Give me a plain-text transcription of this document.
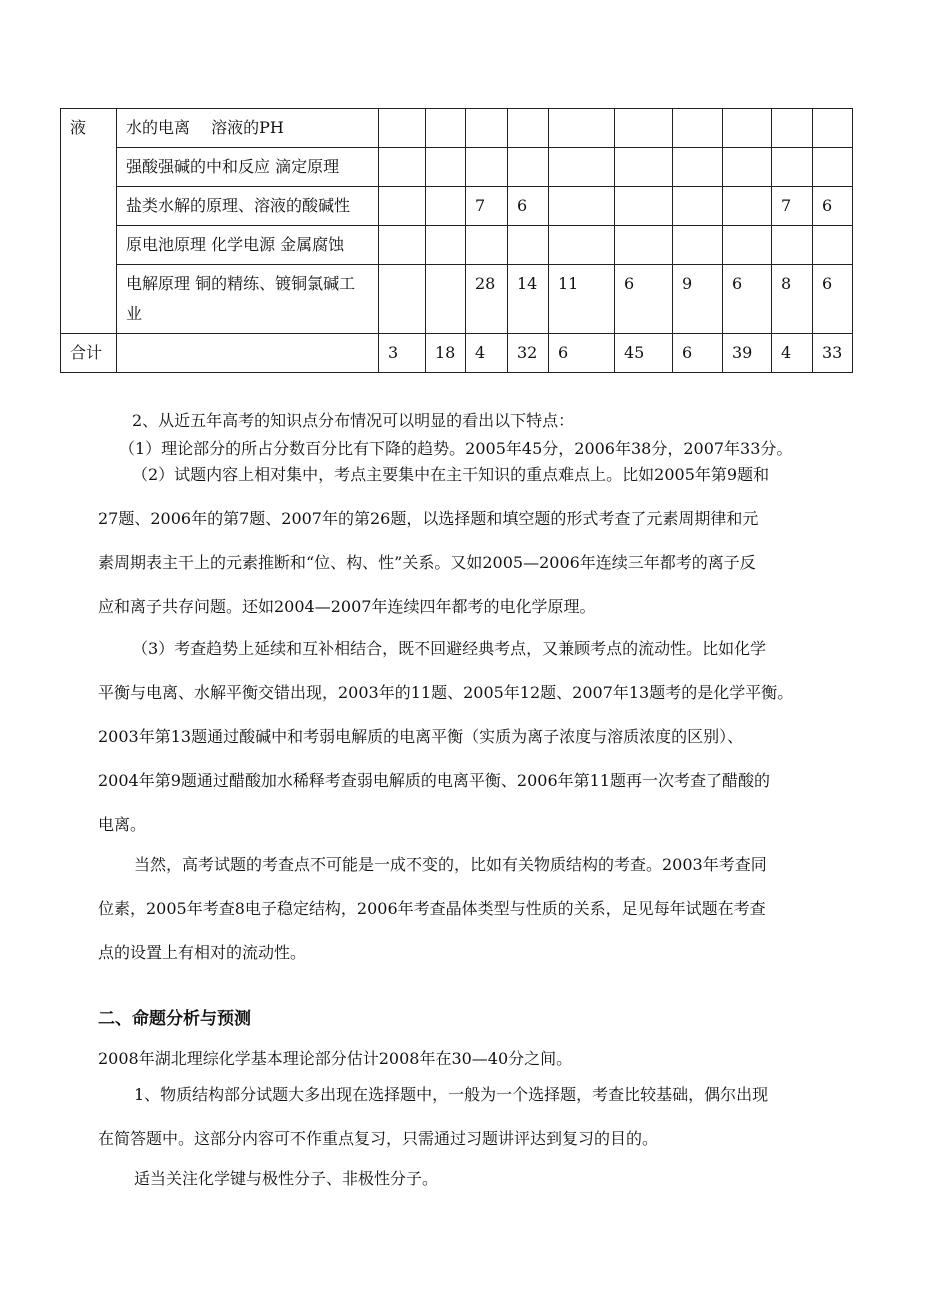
液	水的电离　 溶液的PH										
	强酸强碱的中和反应 滴定原理										
	盐类水解的原理、溶液的酸碱性			7	6					7	6
	原电池原理 化学电源 金属腐蚀										
	电解原理 铜的精练、镀铜氯碱工业			28	14	11	6	9	6	8	6
合计		3	18	4	32	6	45	6	39	4	33

2、从近五年高考的知识点分布情况可以明显的看出以下特点：

（1）理论部分的所占分数百分比有下降的趋势。2005年45分，2006年38分，2007年33分。

（2）试题内容上相对集中，考点主要集中在主干知识的重点难点上。比如2005年第9题和

27题、2006年的第7题、2007年的第26题，以选择题和填空题的形式考查了元素周期律和元

素周期表主干上的元素推断和“位、构、性”关系。又如2005—2006年连续三年都考的离子反

应和离子共存问题。还如2004—2007年连续四年都考的电化学原理。

（3）考查趋势上延续和互补相结合，既不回避经典考点，又兼顾考点的流动性。比如化学

平衡与电离、水解平衡交错出现，2003年的11题、2005年12题、2007年13题考的是化学平衡。

2003年第13题通过酸碱中和考弱电解质的电离平衡（实质为离子浓度与溶质浓度的区别）、

2004年第9题通过醋酸加水稀释考查弱电解质的电离平衡、2006年第11题再一次考查了醋酸的

电离。

当然，高考试题的考查点不可能是一成不变的，比如有关物质结构的考查。2003年考查同

位素，2005年考查8电子稳定结构，2006年考查晶体类型与性质的关系，足见每年试题在考查

点的设置上有相对的流动性。

二、命题分析与预测

2008年湖北理综化学基本理论部分估计2008年在30—40分之间。

1、物质结构部分试题大多出现在选择题中，一般为一个选择题，考查比较基础，偶尔出现

在简答题中。这部分内容可不作重点复习，只需通过习题讲评达到复习的目的。

适当关注化学键与极性分子、非极性分子。
